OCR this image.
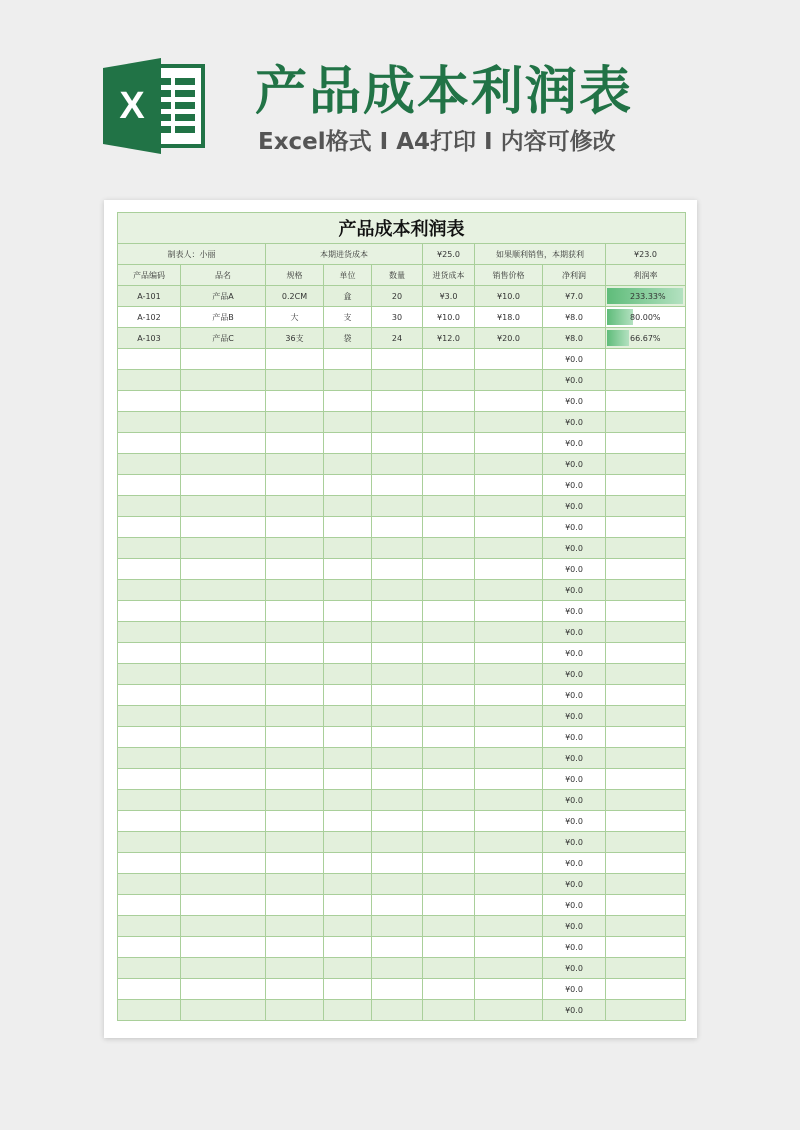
X 产品成本利润表
Excel格式 I A4打印 I 内容可修改
产品成本利润表								
制表人：小丽		本期进货成本			¥25.0	如果顺利销售，本期获利		¥23.0
产品编码	品名	规格	单位	数量	进货成本	销售价格	净利润	利润率
A-101	产品A	0.2CM	盒	20	¥3.0	¥10.0	¥7.0	233.33%
A-102	产品B	大	支	30	¥10.0	¥18.0	¥8.0	80.00%
A-103	产品C	36支	袋	24	¥12.0	¥20.0	¥8.0	66.67%
							¥0.0	
							¥0.0	
							¥0.0	
							¥0.0	
							¥0.0	
							¥0.0	
							¥0.0	
							¥0.0	
							¥0.0	
							¥0.0	
							¥0.0	
							¥0.0	
							¥0.0	
							¥0.0	
							¥0.0	
							¥0.0	
							¥0.0	
							¥0.0	
							¥0.0	
							¥0.0	
							¥0.0	
							¥0.0	
							¥0.0	
							¥0.0	
							¥0.0	
							¥0.0	
							¥0.0	
							¥0.0	
							¥0.0	
							¥0.0	
							¥0.0	
							¥0.0	
